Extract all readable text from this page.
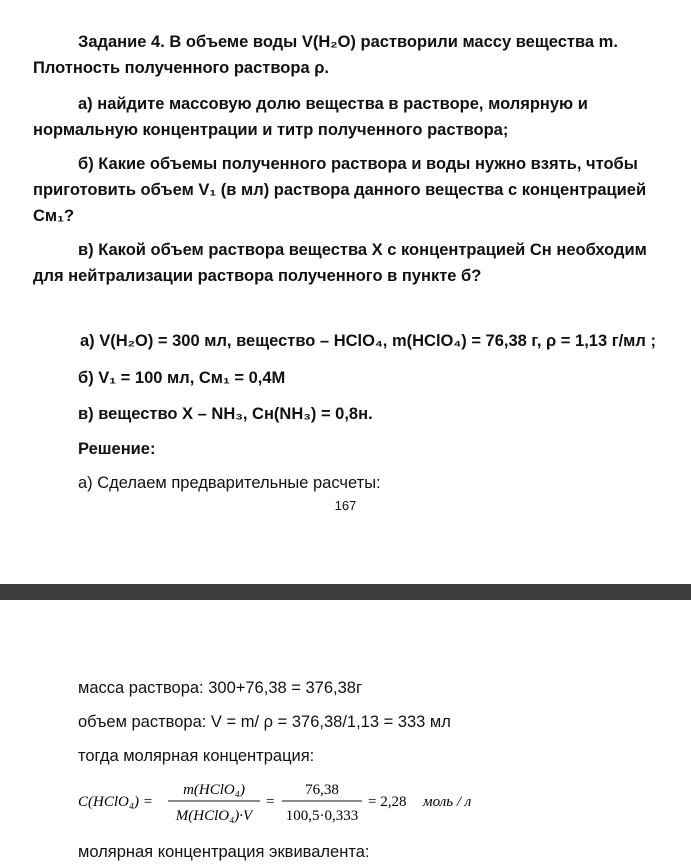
Задание 4. В объеме воды V(H₂O) растворили массу вещества m. Плотность полученного раствора ρ.
а) найдите массовую долю вещества в растворе, молярную и нормальную концентрации и титр полученного раствора;
б) Какие объемы полученного раствора и воды нужно взять, чтобы приготовить объем V₁ (в мл) раствора данного вещества с концентрацией См₁?
в) Какой объем раствора вещества Х с концентрацией Сн необходим для нейтрализации раствора полученного в пункте б?
а) V(H₂O) = 300 мл, вещество – HClO₄, m(HClO₄) = 76,38 г, ρ = 1,13 г/мл ;
б) V₁ = 100 мл, См₁ = 0,4М
в) вещество Х – NH₃, Сн(NH₃) = 0,8н.
Решение:
а) Сделаем предварительные расчеты:
167
масса раствора: 300+76,38 = 376,38г
объем раствора: V = m/ ρ = 376,38/1,13 = 333 мл
тогда молярная концентрация:
C(HClO₄) =
m(HClO₄)
M(HClO₄)·V
=
76,38
100,5·0,333
= 2,28 моль / л
молярная концентрация эквивалента:
